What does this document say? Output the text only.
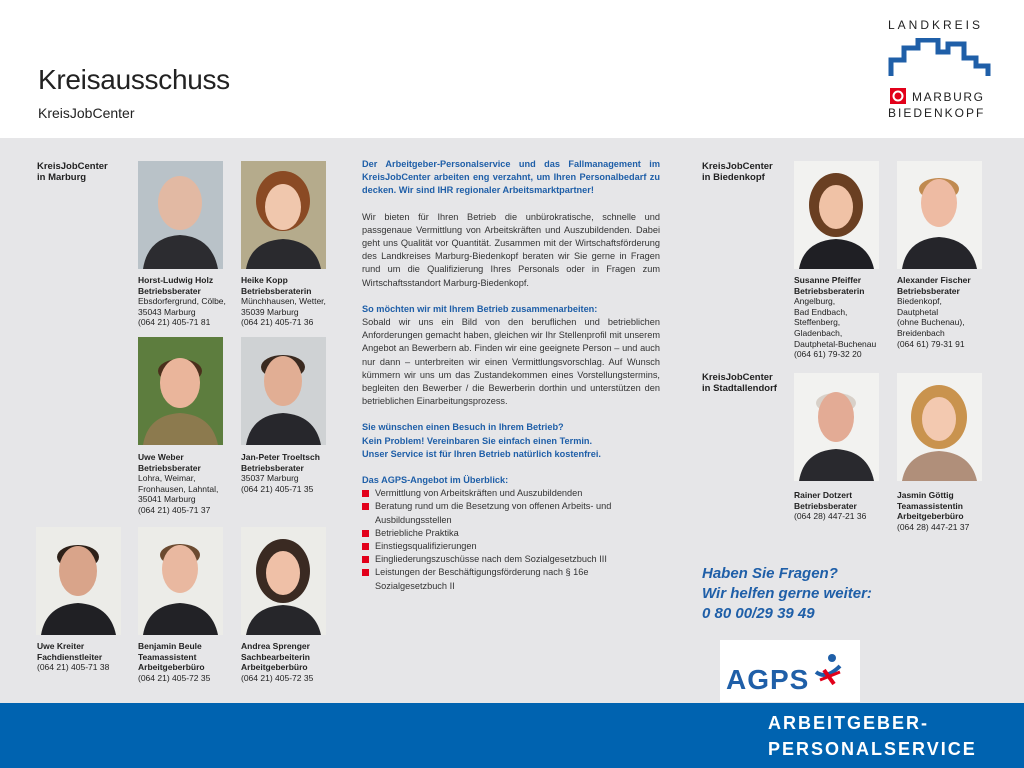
Kreisausschuss
KreisJobCenter
LANDKREIS
MARBURG
BIEDENKOPF
KreisJobCenter
in Marburg
KreisJobCenter
in Biedenkopf
KreisJobCenter
in Stadtallendorf
Horst-Ludwig Holz
Betriebsberater
Ebsdorfergrund, Cölbe,
35043 Marburg
(064 21) 405-71 81
Heike Kopp
Betriebsberaterin
Münchhausen, Wetter,
35039 Marburg
(064 21) 405-71 36
Uwe Weber
Betriebsberater
Lohra, Weimar,
Fronhausen, Lahntal,
35041 Marburg
(064 21) 405-71 37
Jan-Peter Troeltsch
Betriebsberater
35037 Marburg
(064 21) 405-71 35
Uwe Kreiter
Fachdienstleiter
(064 21) 405-71 38
Benjamin Beule
Teamassistent
Arbeitgeberbüro
(064 21) 405-72 35
Andrea Sprenger
Sachbearbeiterin
Arbeitgeberbüro
(064 21) 405-72 35
Susanne Pfeiffer
Betriebsberaterin
Angelburg,
Bad Endbach,
Steffenberg,
Gladenbach,
Dautphetal-Buchenau
(064 61) 79-32 20
Alexander Fischer
Betriebsberater
Biedenkopf,
Dautphetal
(ohne Buchenau),
Breidenbach
(064 61) 79-31 91
Rainer Dotzert
Betriebsberater
(064 28) 447-21 36
Jasmin Göttig
Teamassistentin
Arbeitgeberbüro
(064 28) 447-21 37

Der Arbeitgeber-Personalservice und das Fallmanagement im KreisJobCenter arbeiten eng verzahnt, um Ihren Personalbedarf zu decken. Wir sind IHR regionaler Arbeitsmarktpartner!

Wir bieten für Ihren Betrieb die unbürokratische, schnelle und passgenaue Vermittlung von Arbeitskräften und Auszubildenden. Dabei geht uns Qualität vor Quantität. Zusammen mit der Wirtschaftsförderung des Landkreises Marburg-Biedenkopf beraten wir Sie gerne in Fragen rund um die Qualifizierung Ihres Personals oder in Fragen zum Wirtschaftsstandort Marburg-Biedenkopf.

So möchten wir mit Ihrem Betrieb zusammenarbeiten:

Sobald wir uns ein Bild von den beruflichen und betrieblichen Anforderungen gemacht haben, gleichen wir Ihr Stellenprofil mit unserem Angebot an Bewerbern ab. Finden wir eine geeignete Person – und auch nur dann – unterbreiten wir einen Vermittlungsvorschlag. Auf Wunsch kümmern wir uns um das Zustandekommen eines Vorstellungstermins, begleiten den Bewerber / die Bewerberin dorthin und unterstützen den betrieblichen Einarbeitungsprozess.

Sie wünschen einen Besuch in Ihrem Betrieb?

Kein Problem! Vereinbaren Sie einfach einen Termin.

Unser Service ist für Ihren Betrieb natürlich kostenfrei.

Das AGPS-Angebot im Überblick:

Vermittlung von Arbeitskräften und Auszubildenden
Beratung rund um die Besetzung von offenen Arbeits- und Ausbildungsstellen
Betriebliche Praktika
Einstiegsqualifizierungen
Eingliederungszuschüsse nach dem Sozialgesetzbuch III
Leistungen der Beschäftigungsförderung nach § 16e Sozialgesetzbuch II
Haben Sie Fragen?
Wir helfen gerne weiter:
0 80 00/29 39 49
AGPS
ARBEITGEBER-
PERSONALSERVICE
